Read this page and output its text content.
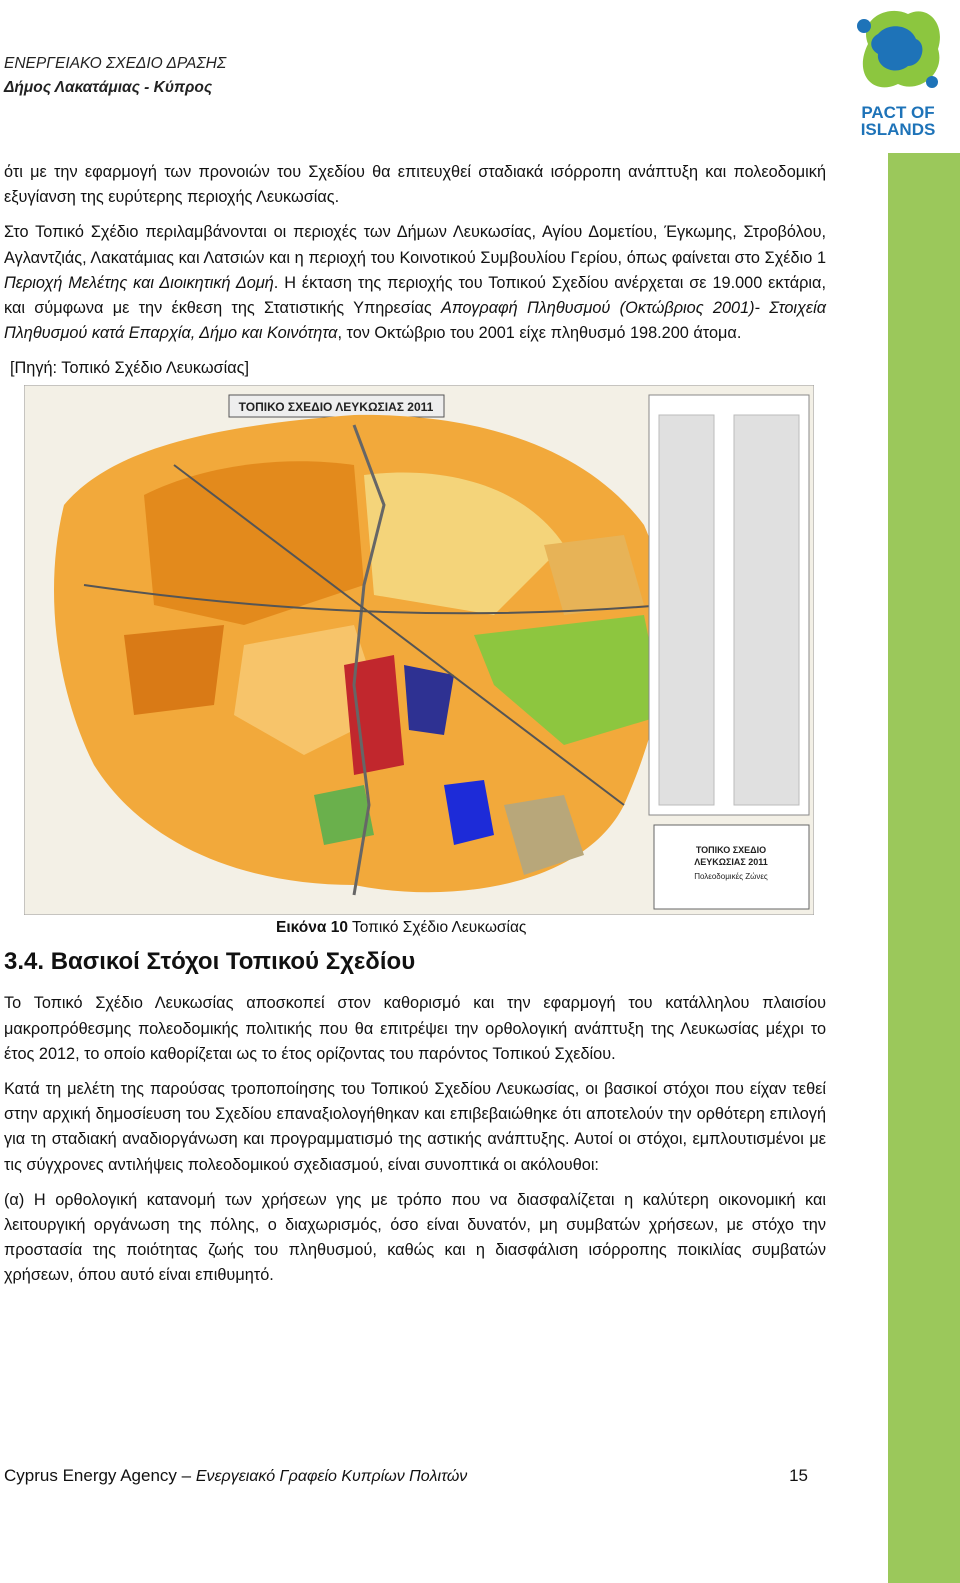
ΕΝΕΡΓΕΙΑΚΟ ΣΧΕΔΙΟ ΔΡΑΣΗΣ
Δήμος Λακατάμιας - Κύπρος
PACT OF
ISLANDS

ότι με την εφαρμογή των προνοιών του Σχεδίου θα επιτευχθεί σταδιακά ισόρροπη ανάπτυξη και πολεοδομική εξυγίανση της ευρύτερης περιοχής Λευκωσίας.

Στο Τοπικό Σχέδιο περιλαμβάνονται οι περιοχές των Δήμων Λευκωσίας, Αγίου Δομετίου, Έγκωμης, Στροβόλου, Αγλαντζιάς, Λακατάμιας και Λατσιών και η περιοχή του Κοινοτικού Συμβουλίου Γερίου, όπως φαίνεται στο Σχέδιο 1 Περιοχή Μελέτης και Διοικητική Δομή. Η έκταση της περιοχής του Τοπικού Σχεδίου ανέρχεται σε 19.000 εκτάρια, και σύμφωνα με την έκθεση της Στατιστικής Υπηρεσίας Απογραφή Πληθυσμού (Οκτώβριος 2001)- Στοιχεία Πληθυσμού κατά Επαρχία, Δήμο και Κοινότητα, τον Οκτώβριο του 2001 είχε πληθυσμό 198.200 άτομα.

[Πηγή: Τοπικό Σχέδιο Λευκωσίας]
ΤΟΠΙΚΟ ΣΧΕΔΙΟ ΛΕΥΚΩΣΙΑΣ 2011
ΤΟΠΙΚΟ ΣΧΕΔΙΟ
ΛΕΥΚΩΣΙΑΣ 2011
Πολεοδομικές Ζώνες
Εικόνα 10 Τοπικό Σχέδιο Λευκωσίας
3.4. Βασικοί Στόχοι Τοπικού Σχεδίου

Το Τοπικό Σχέδιο Λευκωσίας αποσκοπεί στον καθορισμό και την εφαρμογή του κατάλληλου πλαισίου μακροπρόθεσμης πολεοδομικής πολιτικής που θα επιτρέψει την ορθολογική ανάπτυξη της Λευκωσίας μέχρι το έτος 2012, το οποίο καθορίζεται ως το έτος ορίζοντας του παρόντος Τοπικού Σχεδίου.

Κατά τη μελέτη της παρούσας τροποποίησης του Τοπικού Σχεδίου Λευκωσίας, οι βασικοί στόχοι που είχαν τεθεί στην αρχική δημοσίευση του Σχεδίου επαναξιολογήθηκαν και επιβεβαιώθηκε ότι αποτελούν την ορθότερη επιλογή για τη σταδιακή αναδιοργάνωση και προγραμματισμό της αστικής ανάπτυξης. Αυτοί οι στόχοι, εμπλουτισμένοι με τις σύγχρονες αντιλήψεις πολεοδομικού σχεδιασμού, είναι συνοπτικά οι ακόλουθοι:

(α) Η ορθολογική κατανομή των χρήσεων γης με τρόπο που να διασφαλίζεται η καλύτερη οικονομική και λειτουργική οργάνωση της πόλης, ο διαχωρισμός, όσο είναι δυνατόν, μη συμβατών χρήσεων, με στόχο την προστασία της ποιότητας ζωής του πληθυσμού, καθώς και η διασφάλιση ισόρροπης ποικιλίας συμβατών χρήσεων, όπου αυτό είναι επιθυμητό.

Cyprus Energy Agency – Ενεργειακό Γραφείο Κυπρίων Πολιτών	15
